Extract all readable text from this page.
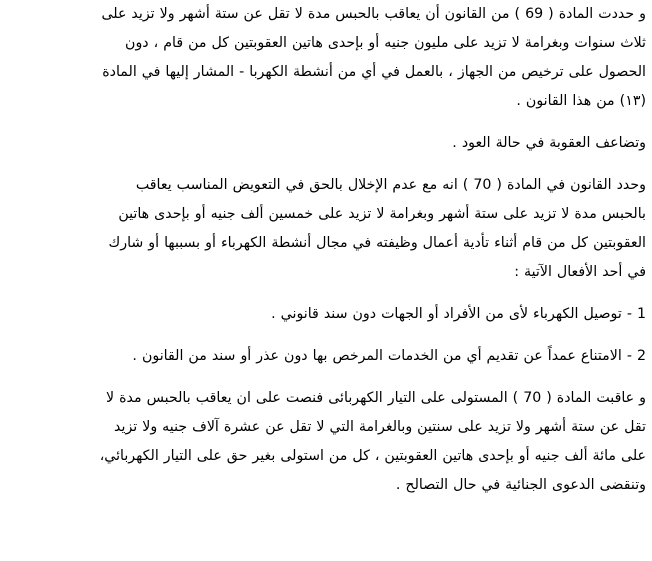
و حددت المادة ( 69 ) من القانون أن يعاقب بالحبس مدة لا تقل عن ستة أشهر ولا تزيد على
ثلاث سنوات وبغرامة لا تزيد على مليون جنيه أو بإحدى هاتين العقوبتين كل من قام ، دون
الحصول على ترخيص من الجهاز ، بالعمل في أي من أنشطة الكهربا - المشار إليها في المادة
(١٣) من هذا القانون .
وتضاعف العقوبة في حالة العود .
وحدد القانون في المادة ( 70 ) انه مع عدم الإخلال بالحق في التعويض المناسب يعاقب
بالحبس مدة لا تزيد على ستة أشهر وبغرامة لا تزيد على خمسين ألف جنيه أو بإحدى هاتين
العقوبتين كل من قام أثناء تأدية أعمال وظيفته في مجال أنشطة الكهرباء أو بسببها أو شارك
في أحد الأفعال الآتية :
1 - توصيل الكهرباء لأى من الأفراد أو الجهات دون سند قانوني .
2 - الامتناع عمداً عن تقديم أي من الخدمات المرخص بها دون عذر أو سند من القانون .
و عاقبت المادة ( 70 ) المستولى على التيار الكهربائى فنصت على ان يعاقب بالحبس مدة لا
تقل عن ستة أشهر ولا تزيد على سنتين وبالغرامة التي لا تقل عن عشرة آلاف جنيه ولا تزيد
على مائة ألف جنيه أو بإحدى هاتين العقوبتين ، كل من استولى بغير حق على التيار الكهربائي،
وتنقضى الدعوى الجنائية في حال التصالح .
